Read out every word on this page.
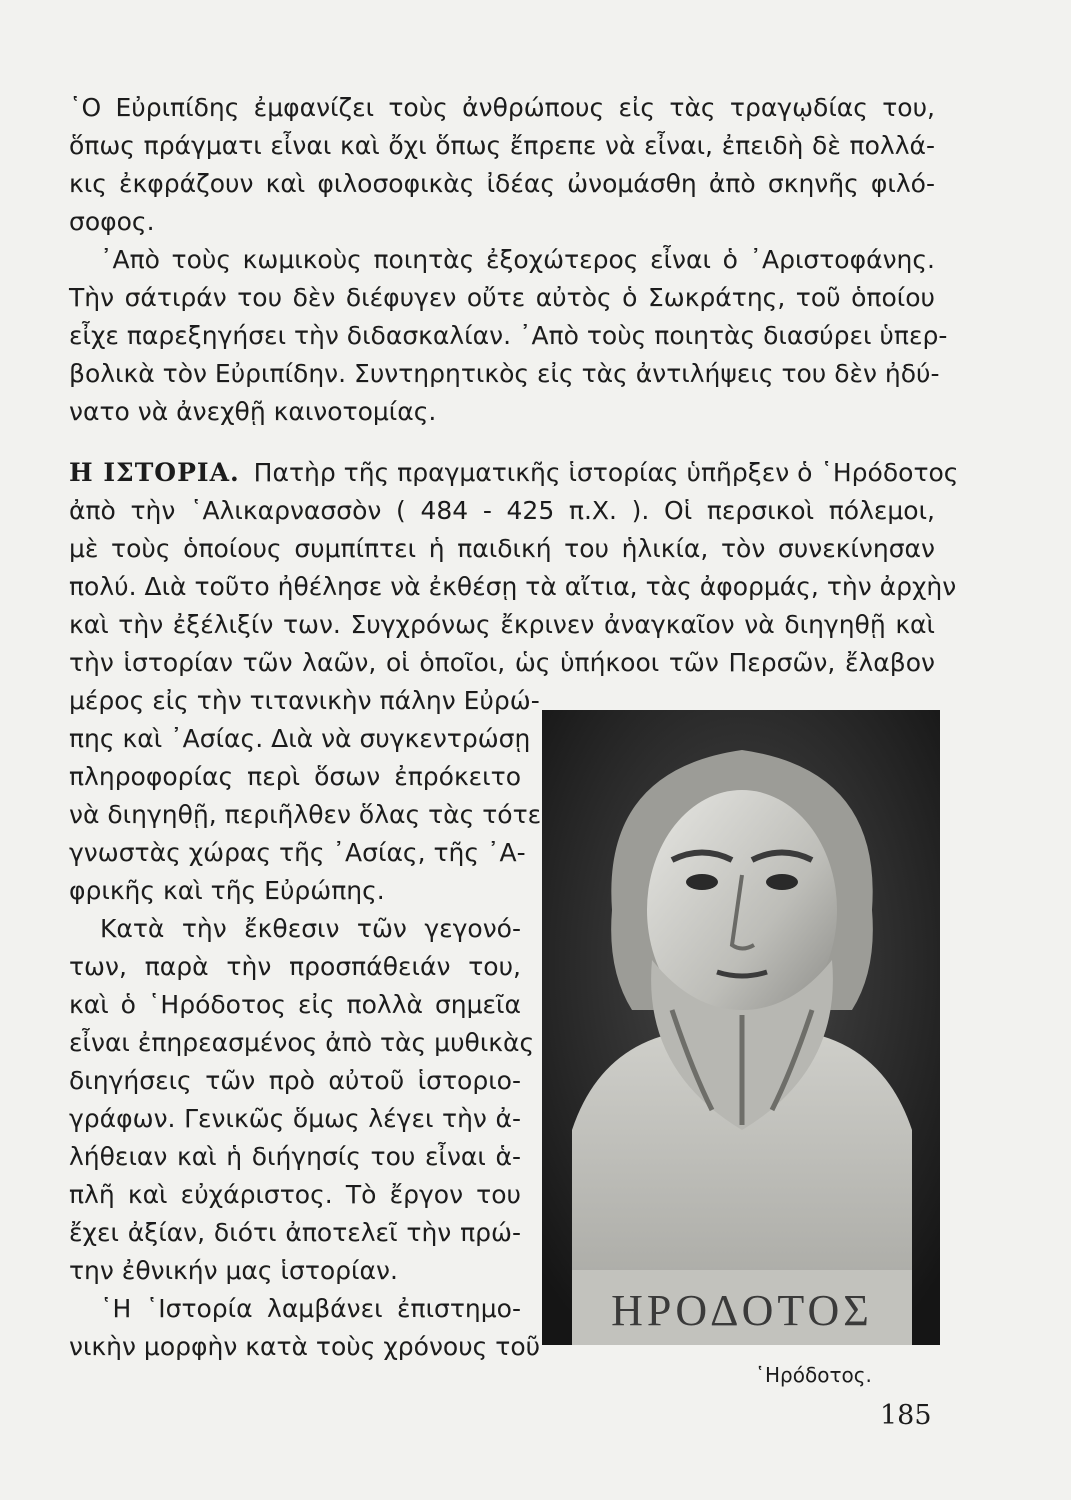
῾Ο Εὐριπίδης ἐμφανίζει τοὺς ἀνθρώπους εἰς τὰς τραγῳδίας του,
ὅπως πράγματι εἶναι καὶ ὄχι ὅπως ἔπρεπε νὰ εἶναι, ἐπειδὴ δὲ πολλά-
κις ἐκφράζουν καὶ φιλοσοφικὰς ἰδέας ὠνομάσθη ἀπὸ σκηνῆς φιλό-
σοφος.
᾿Απὸ τοὺς κωμικοὺς ποιητὰς ἐξοχώτερος εἶναι ὁ ᾿Αριστοφάνης.
Τὴν σάτιράν του δὲν διέφυγεν οὔτε αὐτὸς ὁ Σωκράτης, τοῦ ὁποίου
εἶχε παρεξηγήσει τὴν διδασκαλίαν. ᾿Απὸ τοὺς ποιητὰς διασύρει ὑπερ-
βολικὰ τὸν Εὐριπίδην. Συντηρητικὸς εἰς τὰς ἀντιλήψεις του δὲν ἠδύ-
νατο νὰ ἀνεχθῇ καινοτομίας.
Η ΙΣΤΟΡΙΑ. Πατὴρ τῆς πραγματικῆς ἱστορίας ὑπῆρξεν ὁ ῾Ηρόδοτος
ἀπὸ τὴν ῾Αλικαρνασσὸν ( 484 - 425 π.Χ. ). Οἱ περσικοὶ πόλεμοι,
μὲ τοὺς ὁποίους συμπίπτει ἡ παιδική του ἡλικία, τὸν συνεκίνησαν
πολύ. Διὰ τοῦτο ἠθέλησε νὰ ἐκθέσῃ τὰ αἴτια, τὰς ἀφορμάς, τὴν ἀρχὴν
καὶ τὴν ἐξέλιξίν των. Συγχρόνως ἔκρινεν ἀναγκαῖον νὰ διηγηθῇ καὶ
τὴν ἱστορίαν τῶν λαῶν, οἱ ὁποῖοι, ὡς ὑπήκοοι τῶν Περσῶν, ἔλαβον
μέρος εἰς τὴν τιτανικὴν πάλην Εὐρώ-
πης καὶ ᾿Ασίας. Διὰ νὰ συγκεντρώσῃ
πληροφορίας περὶ ὅσων ἐπρόκειτο
νὰ διηγηθῇ, περιῆλθεν ὅλας τὰς τότε
γνωστὰς χώρας τῆς ᾿Ασίας, τῆς ᾿Α-
φρικῆς καὶ τῆς Εὐρώπης.
Κατὰ τὴν ἔκθεσιν τῶν γεγονό-
των, παρὰ τὴν προσπάθειάν του,
καὶ ὁ ῾Ηρόδοτος εἰς πολλὰ σημεῖα
εἶναι ἐπηρεασμένος ἀπὸ τὰς μυθικὰς
διηγήσεις τῶν πρὸ αὐτοῦ ἱστοριο-
γράφων. Γενικῶς ὅμως λέγει τὴν ἀ-
λήθειαν καὶ ἡ διήγησίς του εἶναι ἁ-
πλῆ καὶ εὐχάριστος. Τὸ ἔργον του
ἔχει ἀξίαν, διότι ἀποτελεῖ τὴν πρώ-
την ἐθνικήν μας ἱστορίαν.
῾Η ῾Ιστορία λαμβάνει ἐπιστημο-
νικὴν μορφὴν κατὰ τοὺς χρόνους τοῦ
ΗΡΟΔΟΤΟΣ
῾Ηρόδοτος.
185
